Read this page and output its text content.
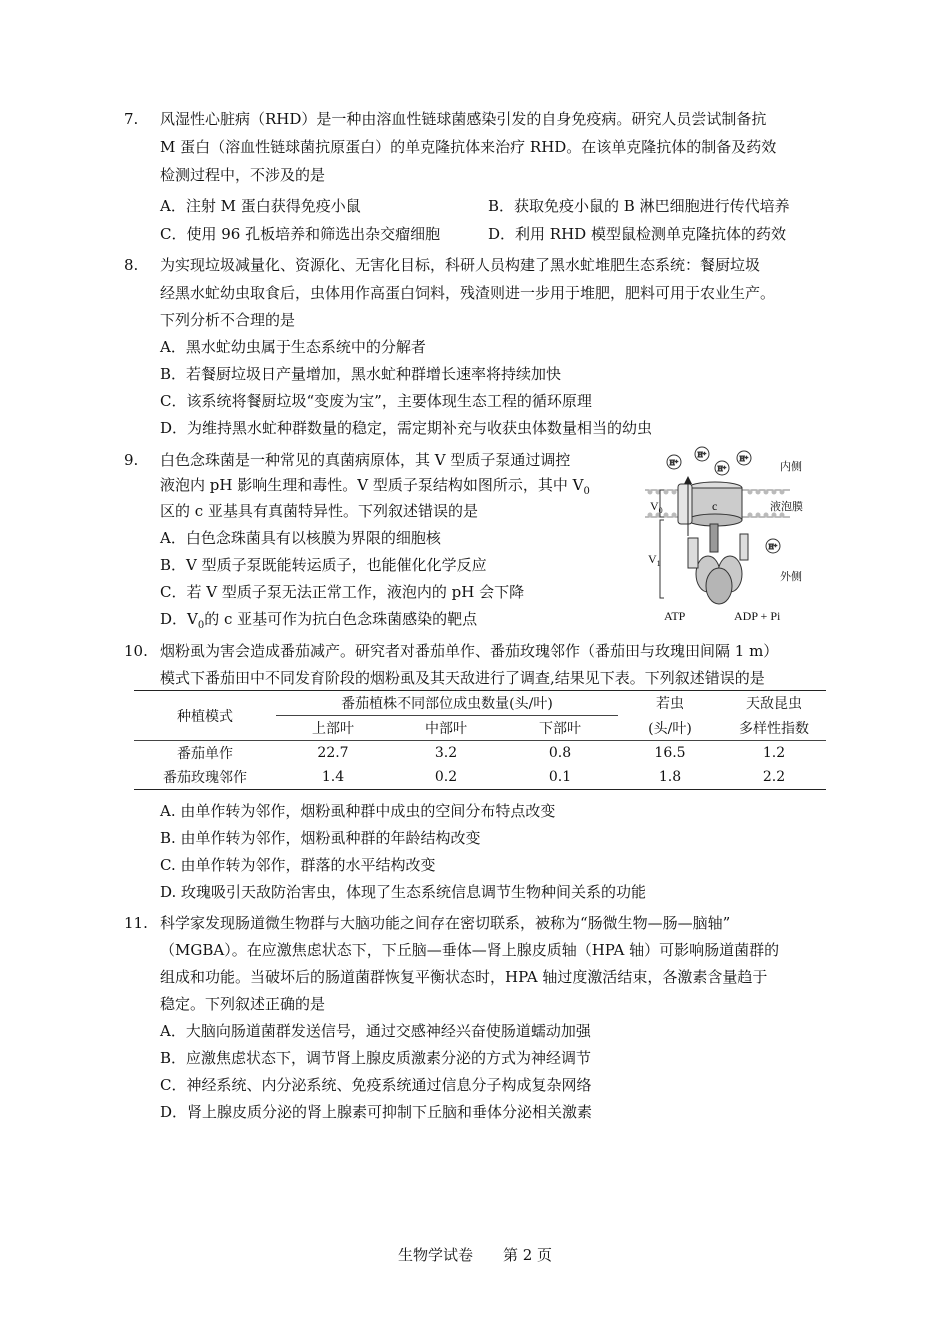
7. 风湿性心脏病（RHD）是一种由溶血性链球菌感染引发的自身免疫病。研究人员尝试制备抗
M 蛋白（溶血性链球菌抗原蛋白）的单克隆抗体来治疗 RHD。在该单克隆抗体的制备及药效
检测过程中，不涉及的是
A．注射 M 蛋白获得免疫小鼠	B．获取免疫小鼠的 B 淋巴细胞进行传代培养
C．使用 96 孔板培养和筛选出杂交瘤细胞	D．利用 RHD 模型鼠检测单克隆抗体的药效
8. 为实现垃圾减量化、资源化、无害化目标，科研人员构建了黑水虻堆肥生态系统：餐厨垃圾
经黑水虻幼虫取食后，虫体用作高蛋白饲料，残渣则进一步用于堆肥，肥料可用于农业生产。
下列分析不合理的是
A．黑水虻幼虫属于生态系统中的分解者
B．若餐厨垃圾日产量增加，黑水虻种群增长速率将持续加快
C．该系统将餐厨垃圾“变废为宝”，主要体现生态工程的循环原理
D．为维持黑水虻种群数量的稳定，需定期补充与收获虫体数量相当的幼虫
9. 白色念珠菌是一种常见的真菌病原体，其 V 型质子泵通过调控
液泡内 pH 影响生理和毒性。V 型质子泵结构如图所示，其中 $V_0$
区的 c 亚基具有真菌特异性。下列叙述错误的是
A．白色念珠菌具有以核膜为界限的细胞核
B．V 型质子泵既能转运质子，也能催化化学反应
C．若 V 型质子泵无法正常工作，液泡内的 pH 会下降
D．$V_0$的 c 亚基可作为抗白色念珠菌感染的靶点
H⁺
H⁺
H⁺
H⁺
H⁺
$V_0$
$V_1$
c
ATP	ADP + Pi
内侧
液泡膜
外侧
10. 烟粉虱为害会造成番茄减产。研究者对番茄单作、番茄玫瑰邻作（番茄田与玫瑰田间隔 1 m）
模式下番茄田中不同发育阶段的烟粉虱及其天敌进行了调查,结果见下表。下列叙述错误的是
种植模式	番茄植株不同部位成虫数量(头/叶)			若虫	天敌昆虫
	上部叶	中部叶	下部叶	(头/叶)	多样性指数
番茄单作	22.7	3.2	0.8	16.5	1.2
番茄玫瑰邻作	1.4	0.2	0.1	1.8	2.2
A. 由单作转为邻作，烟粉虱种群中成虫的空间分布特点改变
B. 由单作转为邻作，烟粉虱种群的年龄结构改变
C. 由单作转为邻作，群落的水平结构改变
D. 玫瑰吸引天敌防治害虫，体现了生态系统信息调节生物种间关系的功能
11. 科学家发现肠道微生物群与大脑功能之间存在密切联系，被称为“肠微生物—肠—脑轴”
（MGBA）。在应激焦虑状态下，下丘脑—垂体—肾上腺皮质轴（HPA 轴）可影响肠道菌群的
组成和功能。当破坏后的肠道菌群恢复平衡状态时，HPA 轴过度激活结束，各激素含量趋于
稳定。下列叙述正确的是
A．大脑向肠道菌群发送信号，通过交感神经兴奋使肠道蠕动加强
B．应激焦虑状态下，调节肾上腺皮质激素分泌的方式为神经调节
C．神经系统、内分泌系统、免疫系统通过信息分子构成复杂网络
D．肾上腺皮质分泌的肾上腺素可抑制下丘脑和垂体分泌相关激素
生物学试卷　　第 2 页
